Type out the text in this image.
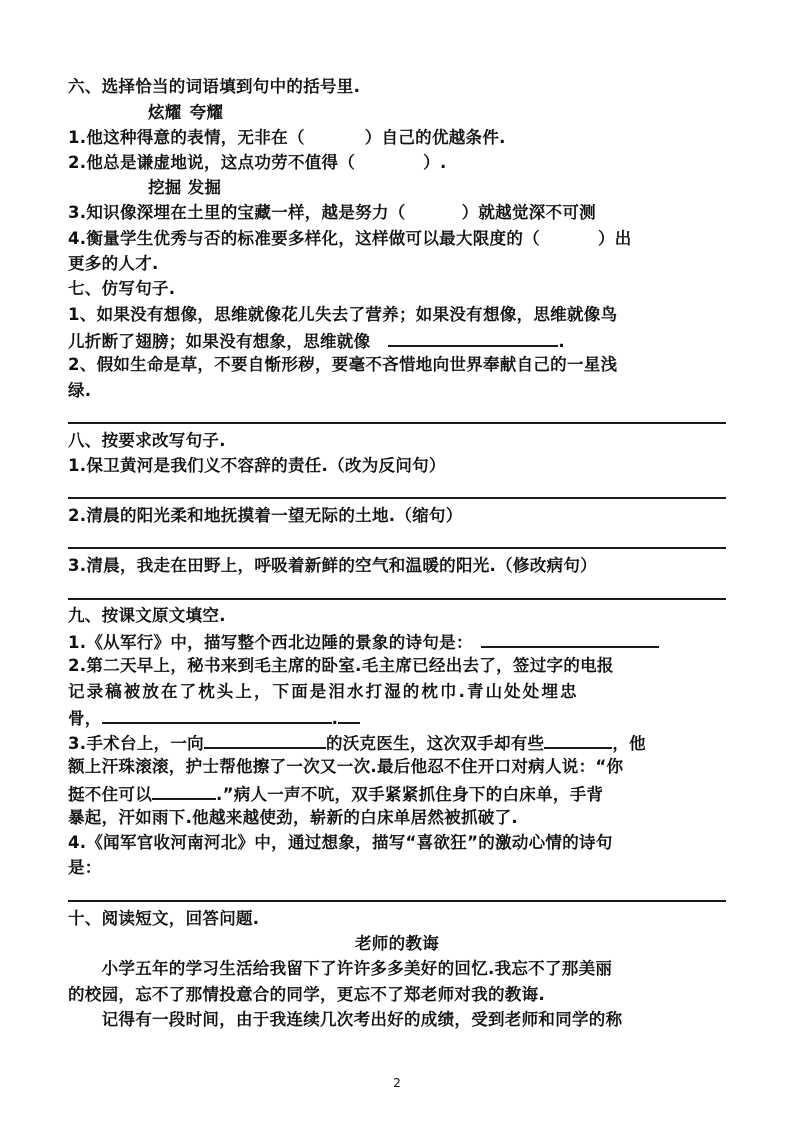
六、选择恰当的词语填到句中的括号里.
炫耀 夸耀
1.他这种得意的表情，无非在（	）自己的优越条件.
2.他总是谦虚地说，这点功劳不值得（	）.
挖掘 发掘
3.知识像深埋在土里的宝藏一样，越是努力（	）就越觉深不可测
4.衡量学生优秀与否的标准要多样化，这样做可以最大限度的（	）出
更多的人才.
七、仿写句子.
1、如果没有想像，思维就像花儿失去了营养；如果没有想像，思维就像鸟
儿折断了翅膀；如果没有想象，思维就像	.
2、假如生命是草，不要自惭形秽，要毫不吝惜地向世界奉献自己的一星浅
绿.
八、按要求改写句子.
1.保卫黄河是我们义不容辞的责任.（改为反问句）
2.清晨的阳光柔和地抚摸着一望无际的土地.（缩句）
3.清晨，我走在田野上，呼吸着新鲜的空气和温暖的阳光.（修改病句）
九、按课文原文填空.
1.《从军行》中，描写整个西北边陲的景象的诗句是：
2.第二天早上，秘书来到毛主席的卧室.毛主席已经出去了，签过字的电报
记录稿被放在了枕头上，下面是泪水打湿的枕巾.青山处处埋忠
骨，	.
3.手术台上，一向	的沃克医生，这次双手却有些	，他
额上汗珠滚滚，护士帮他擦了一次又一次.最后他忍不住开口对病人说：“你
挺不住可以	.”病人一声不吭，双手紧紧抓住身下的白床单，手背
暴起，汗如雨下.他越来越使劲，崭新的白床单居然被抓破了.
4.《闻军官收河南河北》中，通过想象，描写“喜欲狂”的激动心情的诗句
是：
十、阅读短文，回答问题.
老师的教诲
　　小学五年的学习生活给我留下了许许多多美好的回忆.我忘不了那美丽
的校园，忘不了那情投意合的同学，更忘不了郑老师对我的教诲.
　　记得有一段时间，由于我连续几次考出好的成绩，受到老师和同学的称
2
